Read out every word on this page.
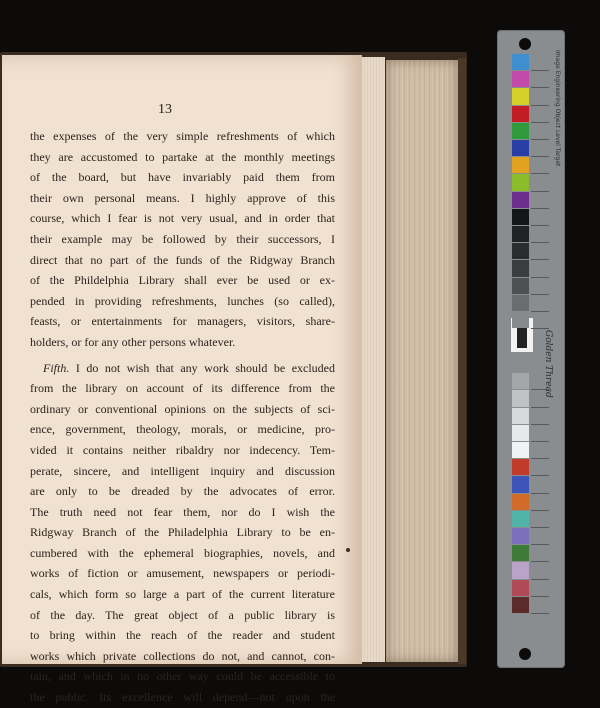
13
the expenses of the very simple refreshments of which
they are accustomed to partake at the monthly meetings
of the board, but have invariably paid them from
their own personal means. I highly approve of this
course, which I fear is not very usual, and in order that
their example may be followed by their successors, I
direct that no part of the funds of the Ridgway Branch
of the Phildelphia Library shall ever be used or ex-
pended in providing refreshments, lunches (so called),
feasts, or entertainments for managers, visitors, share-
holders, or for any other persons whatever.
Fifth. I do not wish that any work should be excluded
from the library on account of its difference from the
ordinary or conventional opinions on the subjects of sci-
ence, government, theology, morals, or medicine, pro-
vided it contains neither ribaldry nor indecency. Tem-
perate, sincere, and intelligent inquiry and discussion
are only to be dreaded by the advocates of error.
The truth need not fear them, nor do I wish the
Ridgway Branch of the Philadelphia Library to be en-
cumbered with the ephemeral biographies, novels, and
works of fiction or amusement, newspapers or periodi-
cals, which form so large a part of the current literature
of the day. The great object of a public library is
to bring within the reach of the reader and student
works which private collections do not, and cannot, con-
tain, and which in no other way could be accessible to
the public. Its excellence will depend—not upon the
Golden Thread
Image Engineering Object Level Target
